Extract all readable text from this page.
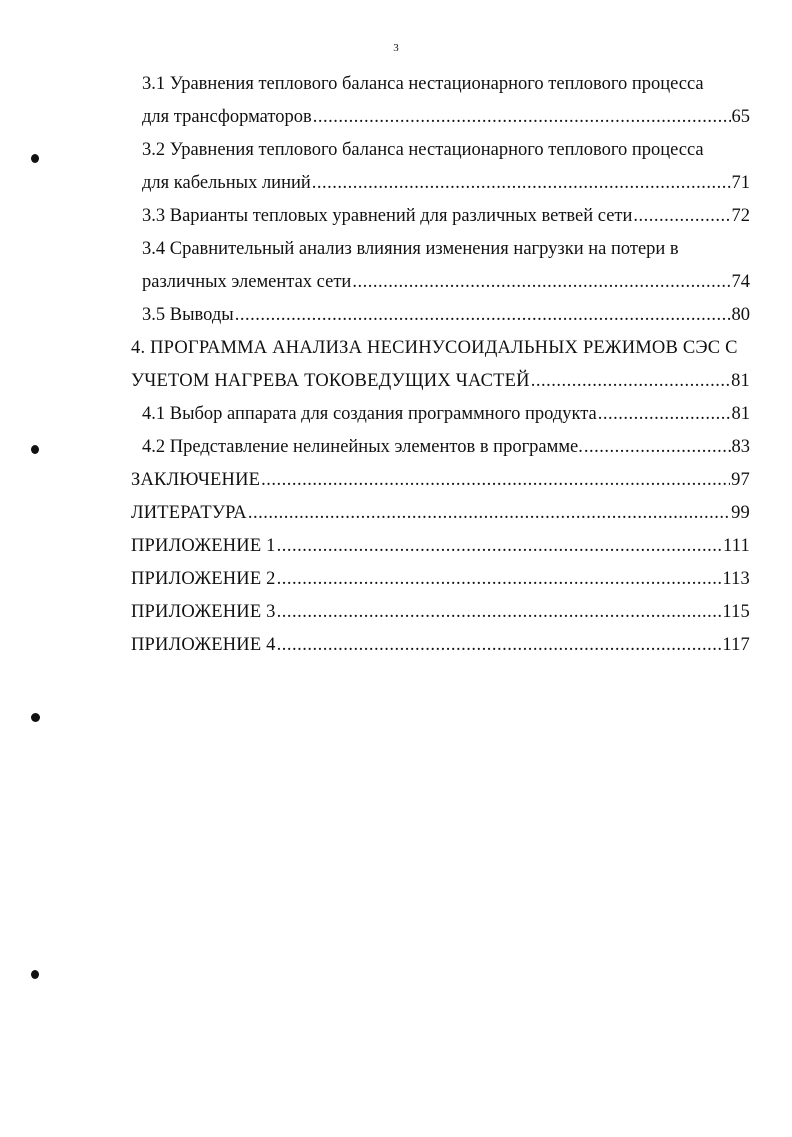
3
3.1 Уравнения теплового баланса нестационарного теплового процесса
для трансформаторов .....	65
3.2 Уравнения теплового баланса нестационарного теплового процесса
для кабельных линий .....	71
3.3 Варианты тепловых уравнений для различных ветвей сети .....	72
3.4 Сравнительный анализ влияния изменения нагрузки на потери в
различных элементах сети .....	74
3.5 Выводы .....	80
4. ПРОГРАММА АНАЛИЗА НЕСИНУСОИДАЛЬНЫХ РЕЖИМОВ СЭС С
УЧЕТОМ НАГРЕВА ТОКОВЕДУЩИХ ЧАСТЕЙ .....	81
4.1 Выбор аппарата для создания программного продукта .....	81
4.2 Представление нелинейных элементов в программе. .....	83
ЗАКЛЮЧЕНИЕ .....	97
ЛИТЕРАТУРА .....	99
ПРИЛОЖЕНИЕ 1 .....	111
ПРИЛОЖЕНИЕ 2 .....	113
ПРИЛОЖЕНИЕ 3 .....	115
ПРИЛОЖЕНИЕ 4 .....	117
